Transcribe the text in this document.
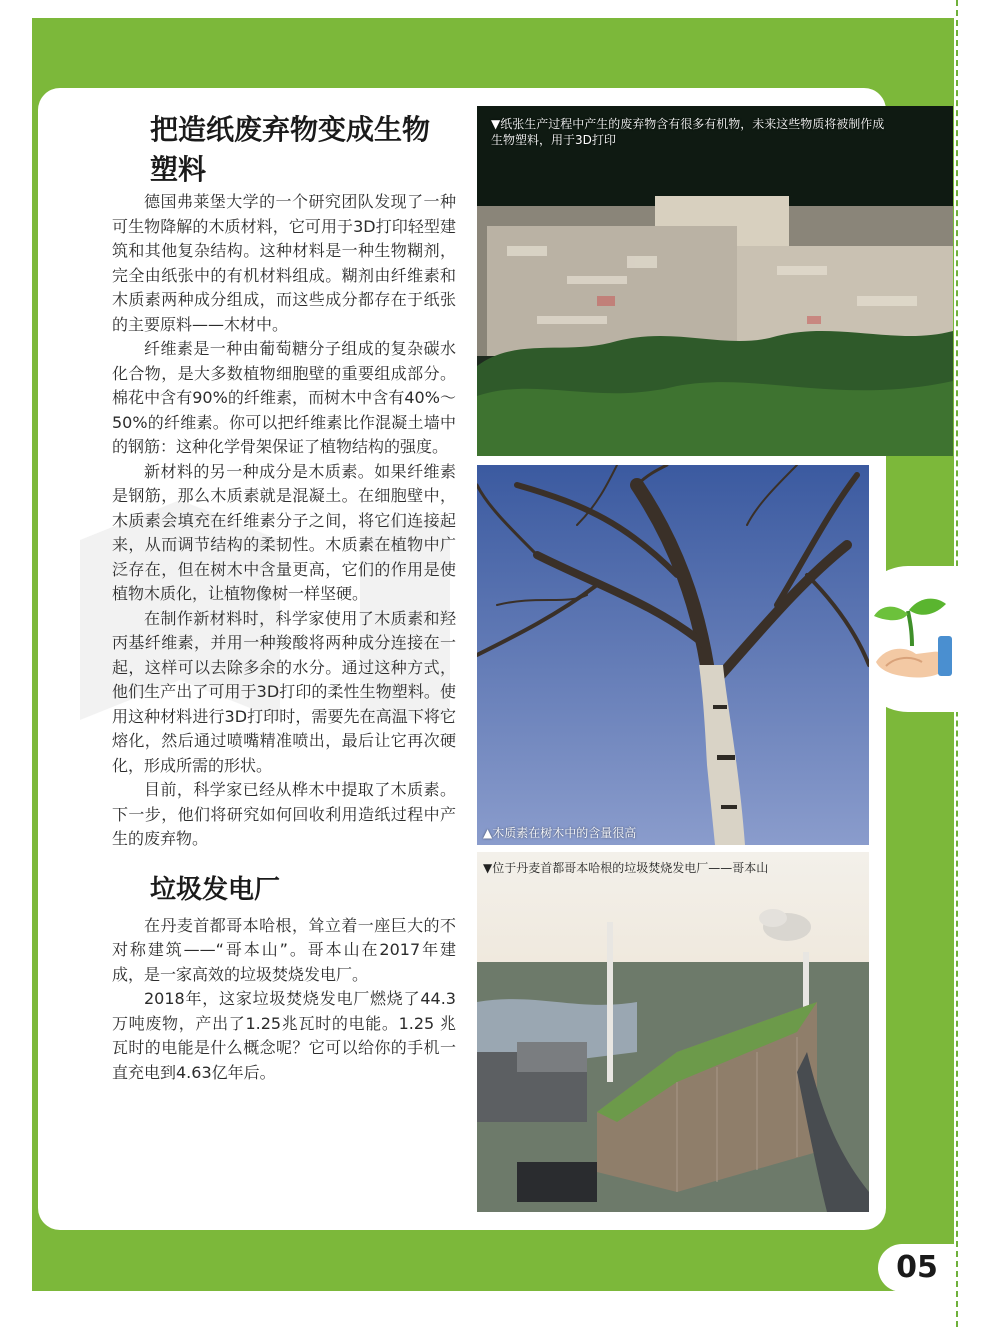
把造纸废弃物变成生物塑料

德国弗莱堡大学的一个研究团队发现了一种可生物降解的木质材料，它可用于3D打印轻型建筑和其他复杂结构。这种材料是一种生物糊剂，完全由纸张中的有机材料组成。糊剂由纤维素和木质素两种成分组成，而这些成分都存在于纸张的主要原料——木材中。

纤维素是一种由葡萄糖分子组成的复杂碳水化合物，是大多数植物细胞壁的重要组成部分。棉花中含有90%的纤维素，而树木中含有40%～50%的纤维素。你可以把纤维素比作混凝土墙中的钢筋：这种化学骨架保证了植物结构的强度。

新材料的另一种成分是木质素。如果纤维素是钢筋，那么木质素就是混凝土。在细胞壁中，木质素会填充在纤维素分子之间，将它们连接起来，从而调节结构的柔韧性。木质素在植物中广泛存在，但在树木中含量更高，它们的作用是使植物木质化，让植物像树一样坚硬。

在制作新材料时，科学家使用了木质素和羟丙基纤维素，并用一种羧酸将两种成分连接在一起，这样可以去除多余的水分。通过这种方式，他们生产出了可用于3D打印的柔性生物塑料。使用这种材料进行3D打印时，需要先在高温下将它熔化，然后通过喷嘴精准喷出，最后让它再次硬化，形成所需的形状。

目前，科学家已经从桦木中提取了木质素。下一步，他们将研究如何回收利用造纸过程中产生的废弃物。

垃圾发电厂

在丹麦首都哥本哈根，耸立着一座巨大的不对称建筑——“哥本山”。哥本山在2017年建成，是一家高效的垃圾焚烧发电厂。

2018年，这家垃圾焚烧发电厂燃烧了44.3万吨废物，产出了1.25兆瓦时的电能。1.25 兆瓦时的电能是什么概念呢？它可以给你的手机一直充电到4.63亿年后。

▼纸张生产过程中产生的废弃物含有很多有机物，未来这些物质将被制作成生物塑料，用于3D打印
▲木质素在树木中的含量很高
▼位于丹麦首都哥本哈根的垃圾焚烧发电厂——哥本山
05
